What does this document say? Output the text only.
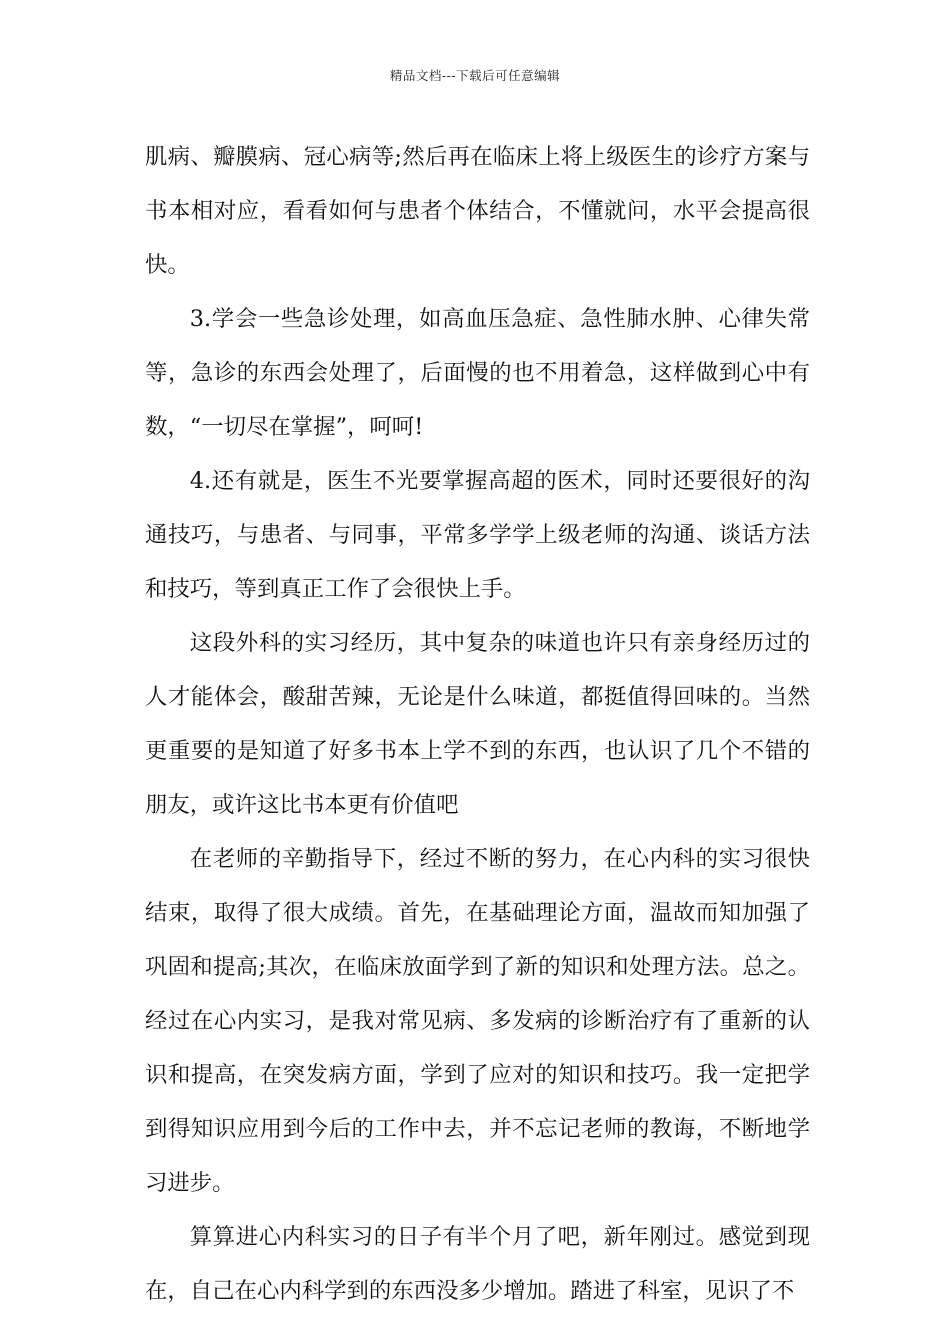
精品文档---下载后可任意编辑

肌病、瓣膜病、冠心病等;然后再在临床上将上级医生的诊疗方案与书本相对应，看看如何与患者个体结合，不懂就问，水平会提高很快。

3.学会一些急诊处理，如高血压急症、急性肺水肿、心律失常等，急诊的东西会处理了，后面慢的也不用着急，这样做到心中有数，“一切尽在掌握”，呵呵!

4.还有就是，医生不光要掌握高超的医术，同时还要很好的沟通技巧，与患者、与同事，平常多学学上级老师的沟通、谈话方法和技巧，等到真正工作了会很快上手。

这段外科的实习经历，其中复杂的味道也许只有亲身经历过的人才能体会，酸甜苦辣，无论是什么味道，都挺值得回味的。当然更重要的是知道了好多书本上学不到的东西，也认识了几个不错的朋友，或许这比书本更有价值吧

在老师的辛勤指导下，经过不断的努力，在心内科的实习很快结束，取得了很大成绩。首先，在基础理论方面，温故而知加强了巩固和提高;其次，在临床放面学到了新的知识和处理方法。总之。经过在心内实习，是我对常见病、多发病的诊断治疗有了重新的认识和提高，在突发病方面，学到了应对的知识和技巧。我一定把学到得知识应用到今后的工作中去，并不忘记老师的教诲，不断地学习进步。

算算进心内科实习的日子有半个月了吧，新年刚过。感觉到现在，自己在心内科学到的东西没多少增加。踏进了科室，见识了不
